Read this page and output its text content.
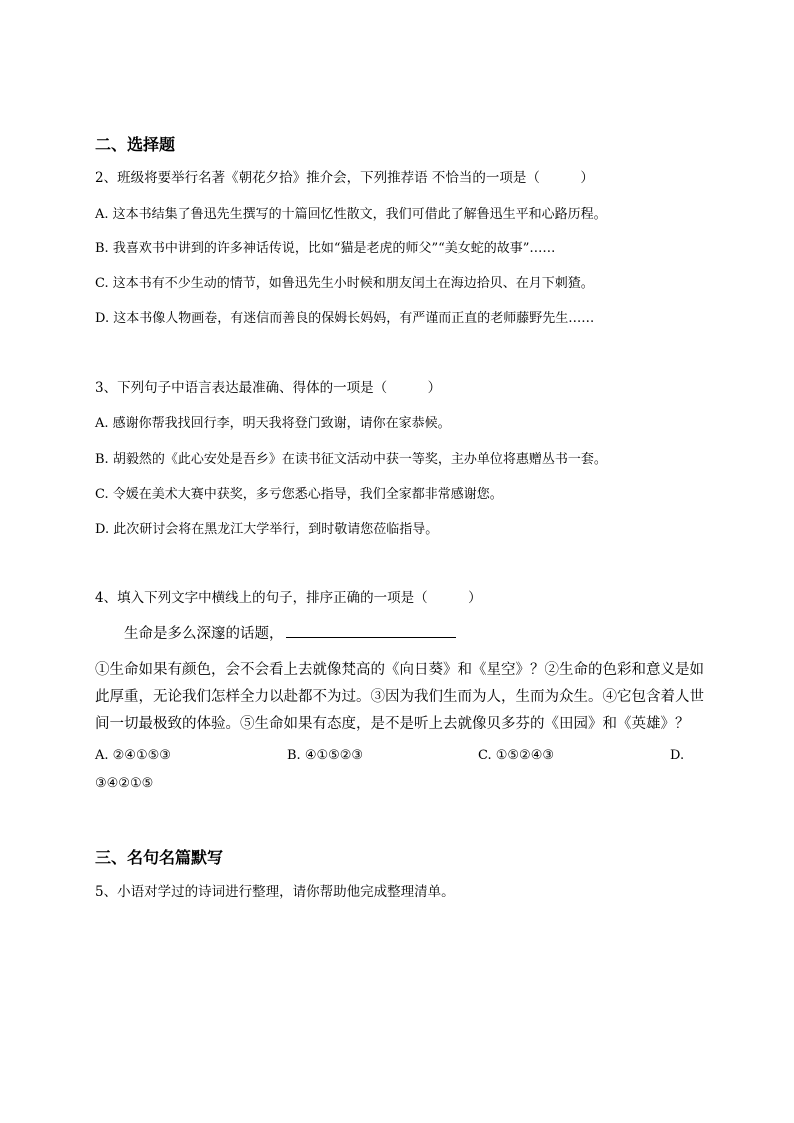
二、选择题
2、班级将要举行名著《朝花夕拾》推介会，下列推荐语 不恰当的一项是（　　　）
A. 这本书结集了鲁迅先生撰写的十篇回忆性散文，我们可借此了解鲁迅生平和心路历程。
B. 我喜欢书中讲到的许多神话传说，比如“猫是老虎的师父”“美女蛇的故事”……
C. 这本书有不少生动的情节，如鲁迅先生小时候和朋友闰土在海边拾贝、在月下刺猹。
D. 这本书像人物画卷，有迷信而善良的保姆长妈妈，有严谨而正直的老师藤野先生……
3、下列句子中语言表达最准确、得体的一项是（　　　）
A. 感谢你帮我找回行李，明天我将登门致谢，请你在家恭候。
B. 胡毅然的《此心安处是吾乡》在读书征文活动中获一等奖，主办单位将惠赠丛书一套。
C. 令媛在美术大赛中获奖，多亏您悉心指导，我们全家都非常感谢您。
D. 此次研讨会将在黑龙江大学举行，到时敬请您莅临指导。
4、填入下列文字中横线上的句子，排序正确的一项是（　　　）
生命是多么深邃的话题，
①生命如果有颜色，会不会看上去就像梵高的《向日葵》和《星空》？②生命的色彩和意义是如
此厚重，无论我们怎样全力以赴都不为过。③因为我们生而为人，生而为众生。④它包含着人世
间一切最极致的体验。⑤生命如果有态度，是不是听上去就像贝多芬的《田园》和《英雄》？
A. ②④①⑤③	B. ④①⑤②③	C. ①⑤②④③	D.
③④②①⑤
三、名句名篇默写
5、小语对学过的诗词进行整理，请你帮助他完成整理清单。
